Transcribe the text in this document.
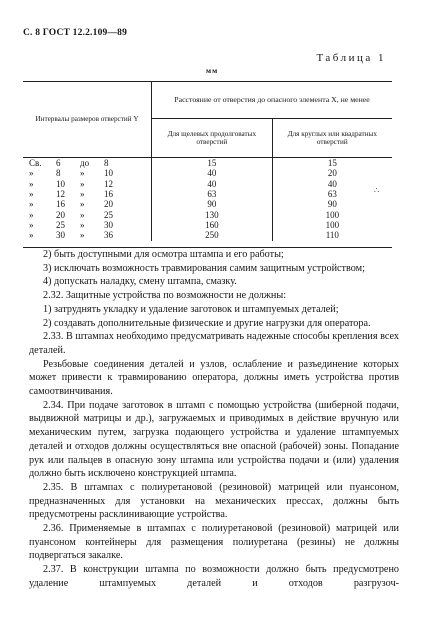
С. 8 ГОСТ 12.2.109—89
Таблица 1
мм
Интервалы размеров отверстий Y	Расстояние от отверстия до опасного элемента X, не менее	
	Для щелевых продолговатых отверстий	Для круглых или квадратных отверстий

Св. 6 до 8	15	15

» 8 » 10	40	20

» 10 » 12	40	40

» 12 » 16	63	63

» 16 » 20	90	90

» 20 » 25	130	100

» 25 » 30	160	100

» 30 » 36	250	110
∴

2) быть доступными для осмотра штампа и его работы;

3) исключать возможность травмирования самим защитным устройством;

4) допускать наладку, смену штампа, смазку.

2.32. Защитные устройства по возможности не должны:

1) затруднять укладку и удаление заготовок и штампуемых деталей;

2) создавать дополнительные физические и другие нагрузки для оператора.

2.33. В штампах необходимо предусматривать надежные способы крепления всех деталей.

Резьбовые соединения деталей и узлов, ослабление и разъединение которых может привести к травмированию оператора, должны иметь устройства против самоотвинчивания.

2.34. При подаче заготовок в штамп с помощью устройства (шиберной подачи, выдвижной матрицы и др.), загружаемых и приводимых в действие вручную или механическим путем, загрузка подающего устройства и удаление штампуемых деталей и отходов должны осуществляться вне опасной (рабочей) зоны. Попадание рук или пальцев в опасную зону штампа или устройства подачи и (или) удаления должно быть исключено конструкцией штампа.

2.35. В штампах с полиуретановой (резиновой) матрицей или пуансоном, предназначенных для установки на механических прессах, должны быть предусмотрены расклинивающие устройства.

2.36. Применяемые в штампах с полиуретановой (резиновой) матрицей или пуансоном контейнеры для размещения полиуретана (резины) не должны подвергаться закалке.

2.37. В конструкции штампа по возможности должно быть предусмотрено удаление штампуемых деталей и отходов разгрузоч-
